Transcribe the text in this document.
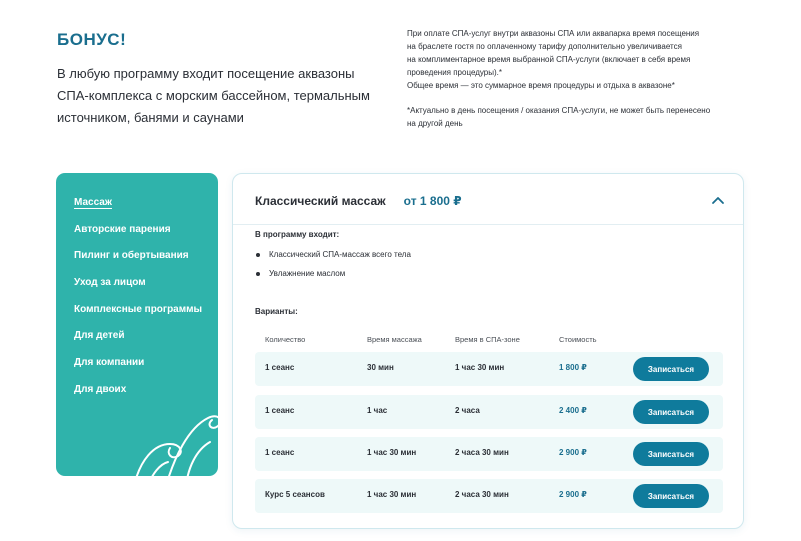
БОНУС!

В любую программу входит посещение аквазоны СПА-комплекса с морским бассейном, термальным источником, банями и саунами

При оплате СПА-услуг внутри аквазоны СПА или аквапарка время посещения

на браслете гостя по оплаченному тарифу дополнительно увеличивается

на комплиментарное время выбранной СПА-услуги (включает в себя время

проведения процедуры).*

Общее время — это суммарное время процедуры и отдыха в аквазоне*

*Актуально в день посещения / оказания СПА-услуги, не может быть перенесено

на другой день

Массаж
Авторские парения
Пилинг и обертывания
Уход за лицом
Комплексные программы
Для детей
Для компании
Для двоих
Классический массаж от 1 800 ₽
В программу входит:
Классический СПА-массаж всего тела
Увлажнение маслом
Варианты:
Количество	Время массажа	Время в СПА-зоне	Стоимость
1 сеанс	30 мин	1 час 30 мин	1 800 ₽	Записаться
1 сеанс	1 час	2 часа	2 400 ₽	Записаться
1 сеанс	1 час 30 мин	2 часа 30 мин	2 900 ₽	Записаться
Курс 5 сеансов	1 час 30 мин	2 часа 30 мин	2 900 ₽	Записаться
